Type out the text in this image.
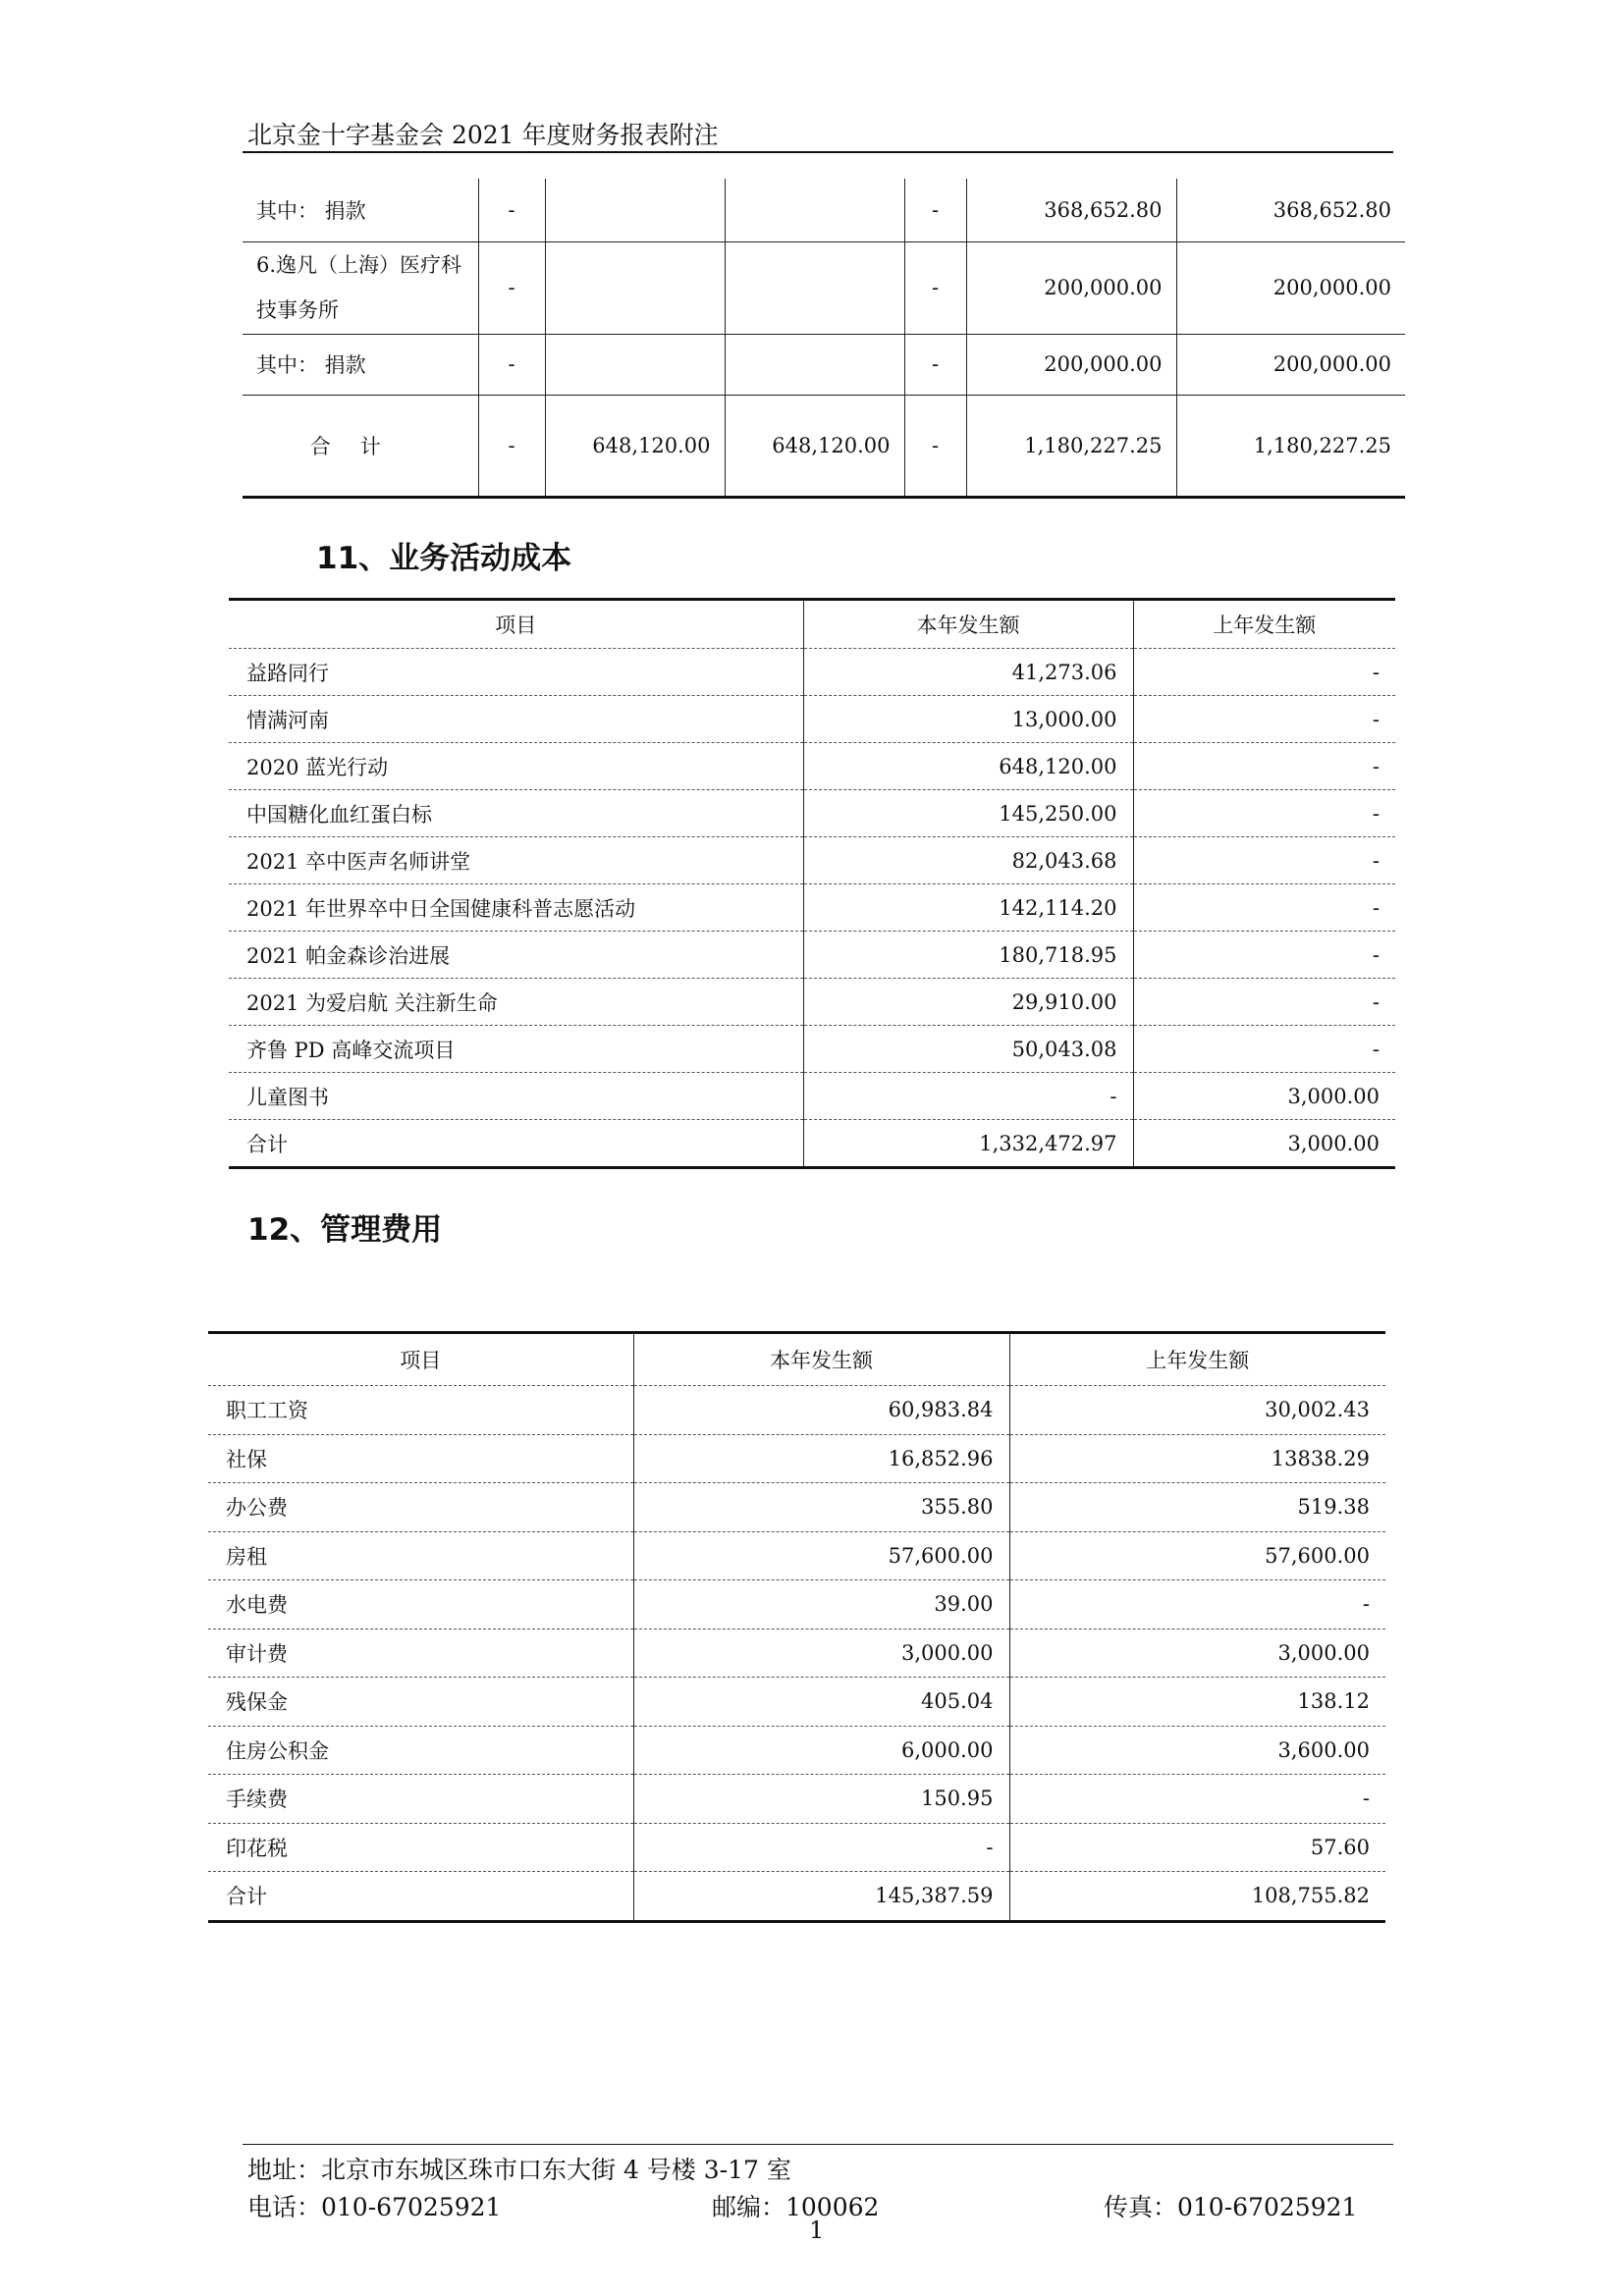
北京金十字基金会 2021 年度财务报表附注
其中： 捐款	-			-	368,652.80	368,652.80
6.逸凡（上海）医疗科技事务所	-			-	200,000.00	200,000.00
其中： 捐款	-			-	200,000.00	200,000.00
合计	-	648,120.00	648,120.00	-	1,180,227.25	1,180,227.25
11、业务活动成本
项目	本年发生额	上年发生额
益路同行	41,273.06	-
情满河南	13,000.00	-
2020 蓝光行动	648,120.00	-
中国糖化血红蛋白标	145,250.00	-
2021 卒中医声名师讲堂	82,043.68	-
2021 年世界卒中日全国健康科普志愿活动	142,114.20	-
2021 帕金森诊治进展	180,718.95	-
2021 为爱启航 关注新生命	29,910.00	-
齐鲁 PD 高峰交流项目	50,043.08	-
儿童图书	-	3,000.00
合计	1,332,472.97	3,000.00
12、管理费用
项目	本年发生额	上年发生额
职工工资	60,983.84	30,002.43
社保	16,852.96	13838.29
办公费	355.80	519.38
房租	57,600.00	57,600.00
水电费	39.00	-
审计费	3,000.00	3,000.00
残保金	405.04	138.12
住房公积金	6,000.00	3,600.00
手续费	150.95	-
印花税	-	57.60
合计	145,387.59	108,755.82
地址：北京市东城区珠市口东大街 4 号楼 3-17 室
电话：010-67025921	邮编：100062	传真：010-67025921
1
